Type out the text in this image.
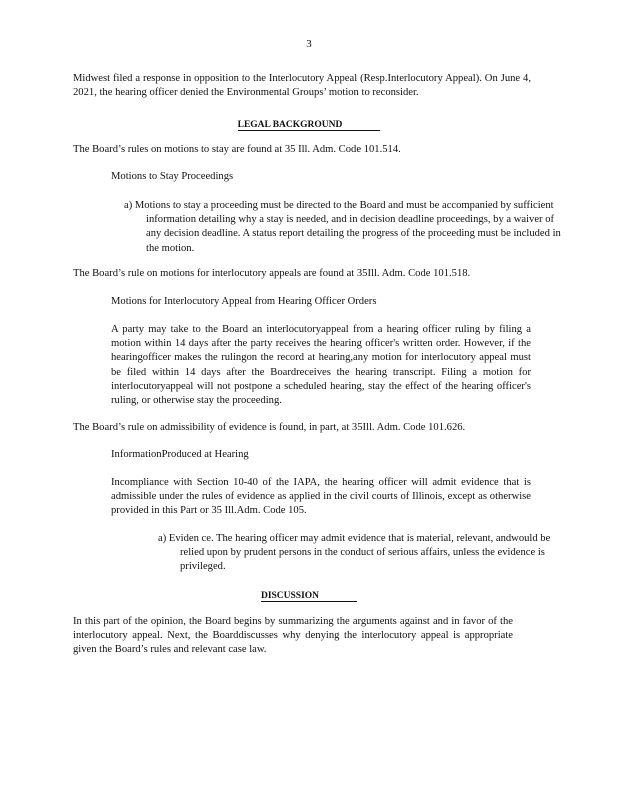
3

Midwest filed a response in opposition to the Interlocutory Appeal (Resp.Interlocutory Appeal). On June 4, 2021, the hearing officer denied the Environmental Groups’ motion to reconsider.

LEGAL BACKGROUND

The Board’s rules on motions to stay are found at 35 Ill. Adm. Code 101.514.

Motions to Stay Proceedings

a) Motions to stay a proceeding must be directed to the Board and must be accompanied by sufficient information detailing why a stay is needed, and in decision deadline proceedings, by a waiver of any decision deadline. A status report detailing the progress of the proceeding must be included in the motion.

The Board’s rule on motions for interlocutory appeals are found at 35Ill. Adm. Code 101.518.

Motions for Interlocutory Appeal from Hearing Officer Orders

A party may take to the Board an interlocutoryappeal from a hearing officer ruling by filing a motion within 14 days after the party receives the hearing officer's written order. However, if the hearingofficer makes the rulingon the record at hearing,any motion for interlocutory appeal must be filed within 14 days after the Boardreceives the hearing transcript. Filing a motion for interlocutoryappeal will not postpone a scheduled hearing, stay the effect of the hearing officer's ruling, or otherwise stay the proceeding.

The Board’s rule on admissibility of evidence is found, in part, at 35Ill. Adm. Code 101.626.

InformationProduced at Hearing

Incompliance with Section 10-40 of the IAPA, the hearing officer will admit evidence that is admissible under the rules of evidence as applied in the civil courts of Illinois, except as otherwise provided in this Part or 35 Ill.Adm. Code 105.

a) Eviden ce. The hearing officer may admit evidence that is material, relevant, andwould be relied upon by prudent persons in the conduct of serious affairs, unless the evidence is privileged.

DISCUSSION

In this part of the opinion, the Board begins by summarizing the arguments against and in favor of the interlocutory appeal. Next, the Boarddiscusses why denying the interlocutory appeal is appropriate given the Board’s rules and relevant case law.
